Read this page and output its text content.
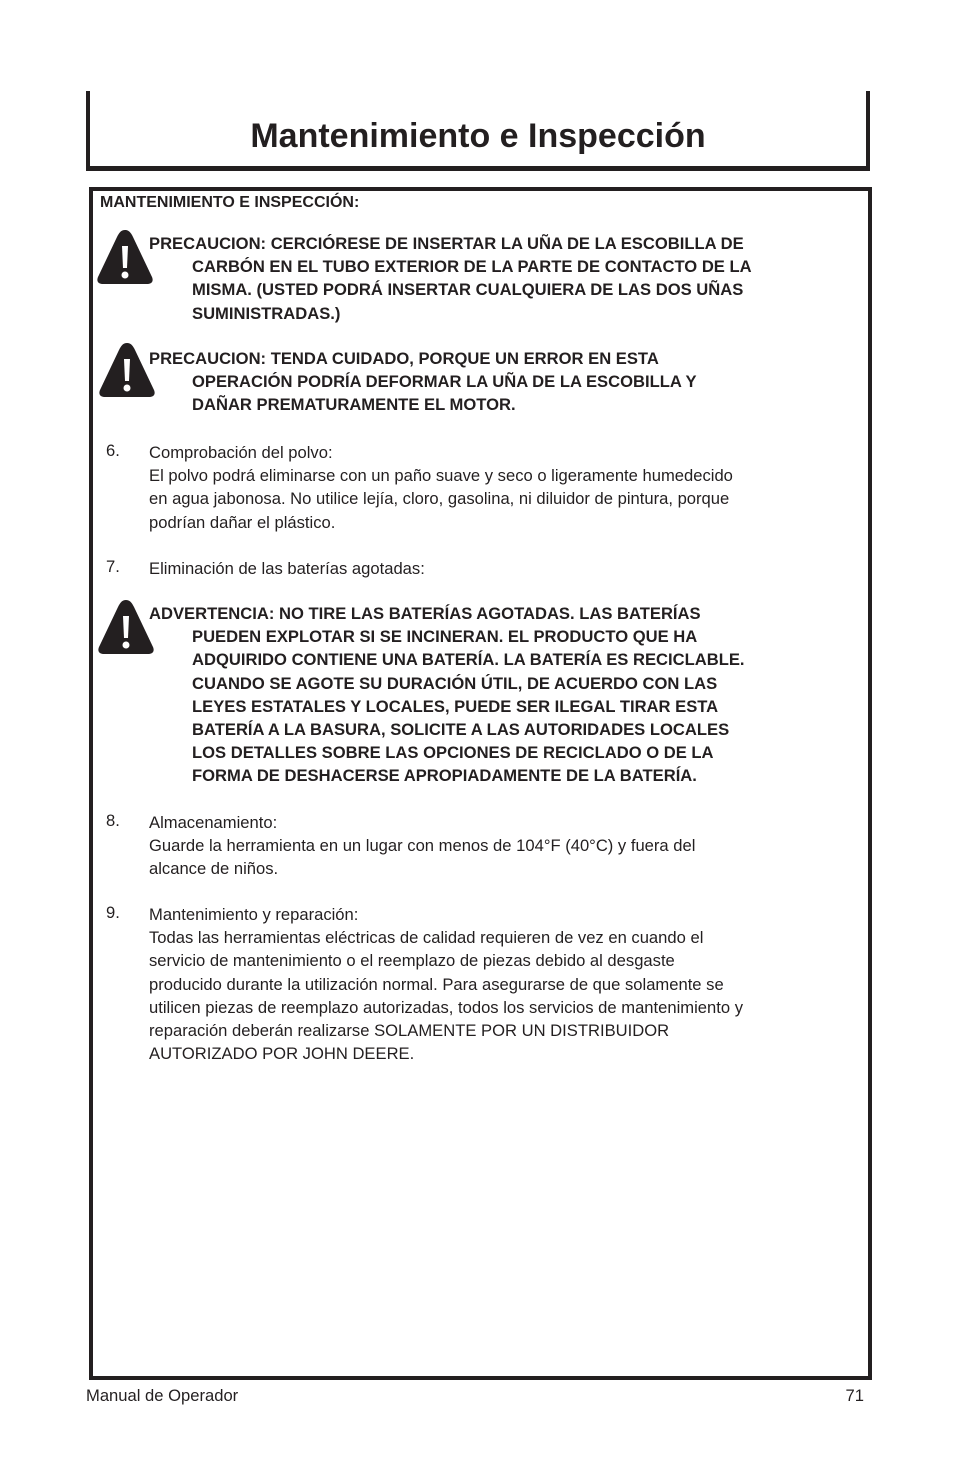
Mantenimiento e Inspección
MANTENIMIENTO E INSPECCIÓN:
PRECAUCION: CERCIÓRESE DE INSERTAR LA UÑA DE LA ESCOBILLA DE
CARBÓN EN EL TUBO EXTERIOR DE LA PARTE DE CONTACTO DE LA
MISMA. (USTED PODRÁ INSERTAR CUALQUIERA DE LAS DOS UÑAS
SUMINISTRADAS.)
PRECAUCION: TENDA CUIDADO, PORQUE UN ERROR EN ESTA
OPERACIÓN PODRÍA DEFORMAR LA UÑA DE LA ESCOBILLA Y
DAÑAR PREMATURAMENTE EL MOTOR.
6. Comprobación del polvo:
El polvo podrá eliminarse con un paño suave y seco o ligeramente humedecido
en agua jabonosa. No utilice lejía, cloro, gasolina, ni diluidor de pintura, porque
podrían dañar el plástico.
7. Eliminación de las baterías agotadas:
ADVERTENCIA: NO TIRE LAS BATERÍAS AGOTADAS. LAS BATERÍAS
PUEDEN EXPLOTAR SI SE INCINERAN. EL PRODUCTO QUE HA
ADQUIRIDO CONTIENE UNA BATERÍA. LA BATERÍA ES RECICLABLE.
CUANDO SE AGOTE SU DURACIÓN ÚTIL, DE ACUERDO CON LAS
LEYES ESTATALES Y LOCALES, PUEDE SER ILEGAL TIRAR ESTA
BATERÍA A LA BASURA, SOLICITE A LAS AUTORIDADES LOCALES
LOS DETALLES SOBRE LAS OPCIONES DE RECICLADO O DE LA
FORMA DE DESHACERSE APROPIADAMENTE DE LA BATERÍA.
8. Almacenamiento:
Guarde la herramienta en un lugar con menos de 104°F (40°C) y fuera del
alcance de niños.
9. Mantenimiento y reparación:
Todas las herramientas eléctricas de calidad requieren de vez en cuando el
servicio de mantenimiento o el reemplazo de piezas debido al desgaste
producido durante la utilización normal. Para asegurarse de que solamente se
utilicen piezas de reemplazo autorizadas, todos los servicios de mantenimiento y
reparación deberán realizarse SOLAMENTE POR UN DISTRIBUIDOR
AUTORIZADO POR JOHN DEERE.
Manual de Operador	71
